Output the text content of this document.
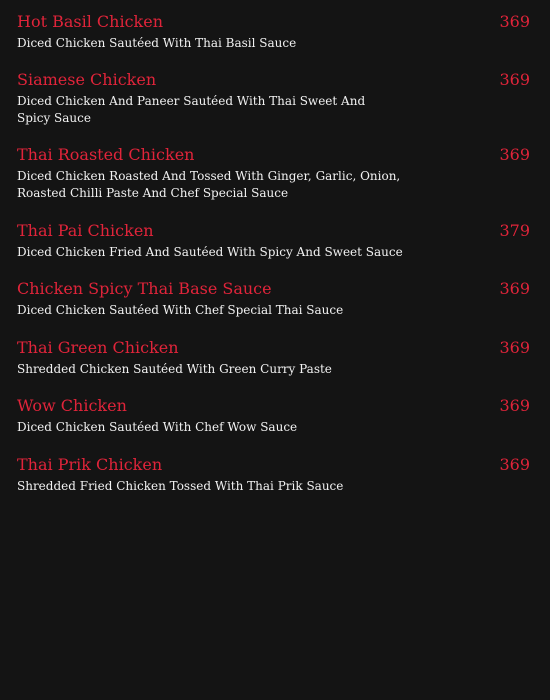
Hot Basil Chicken	369
Diced Chicken Sautéed With Thai Basil Sauce
Siamese Chicken	369
Diced Chicken And Paneer Sautéed With Thai Sweet And Spicy Sauce
Thai Roasted Chicken	369
Diced Chicken Roasted And Tossed With Ginger, Garlic, Onion, Roasted Chilli Paste And Chef Special Sauce
Thai Pai Chicken	379
Diced Chicken Fried And Sautéed With Spicy And Sweet Sauce
Chicken Spicy Thai Base Sauce	369
Diced Chicken Sautéed With Chef Special Thai Sauce
Thai Green Chicken	369
Shredded Chicken Sautéed With Green Curry Paste
Wow Chicken	369
Diced Chicken Sautéed With Chef Wow Sauce
Thai Prik Chicken	369
Shredded Fried Chicken Tossed With Thai Prik Sauce
